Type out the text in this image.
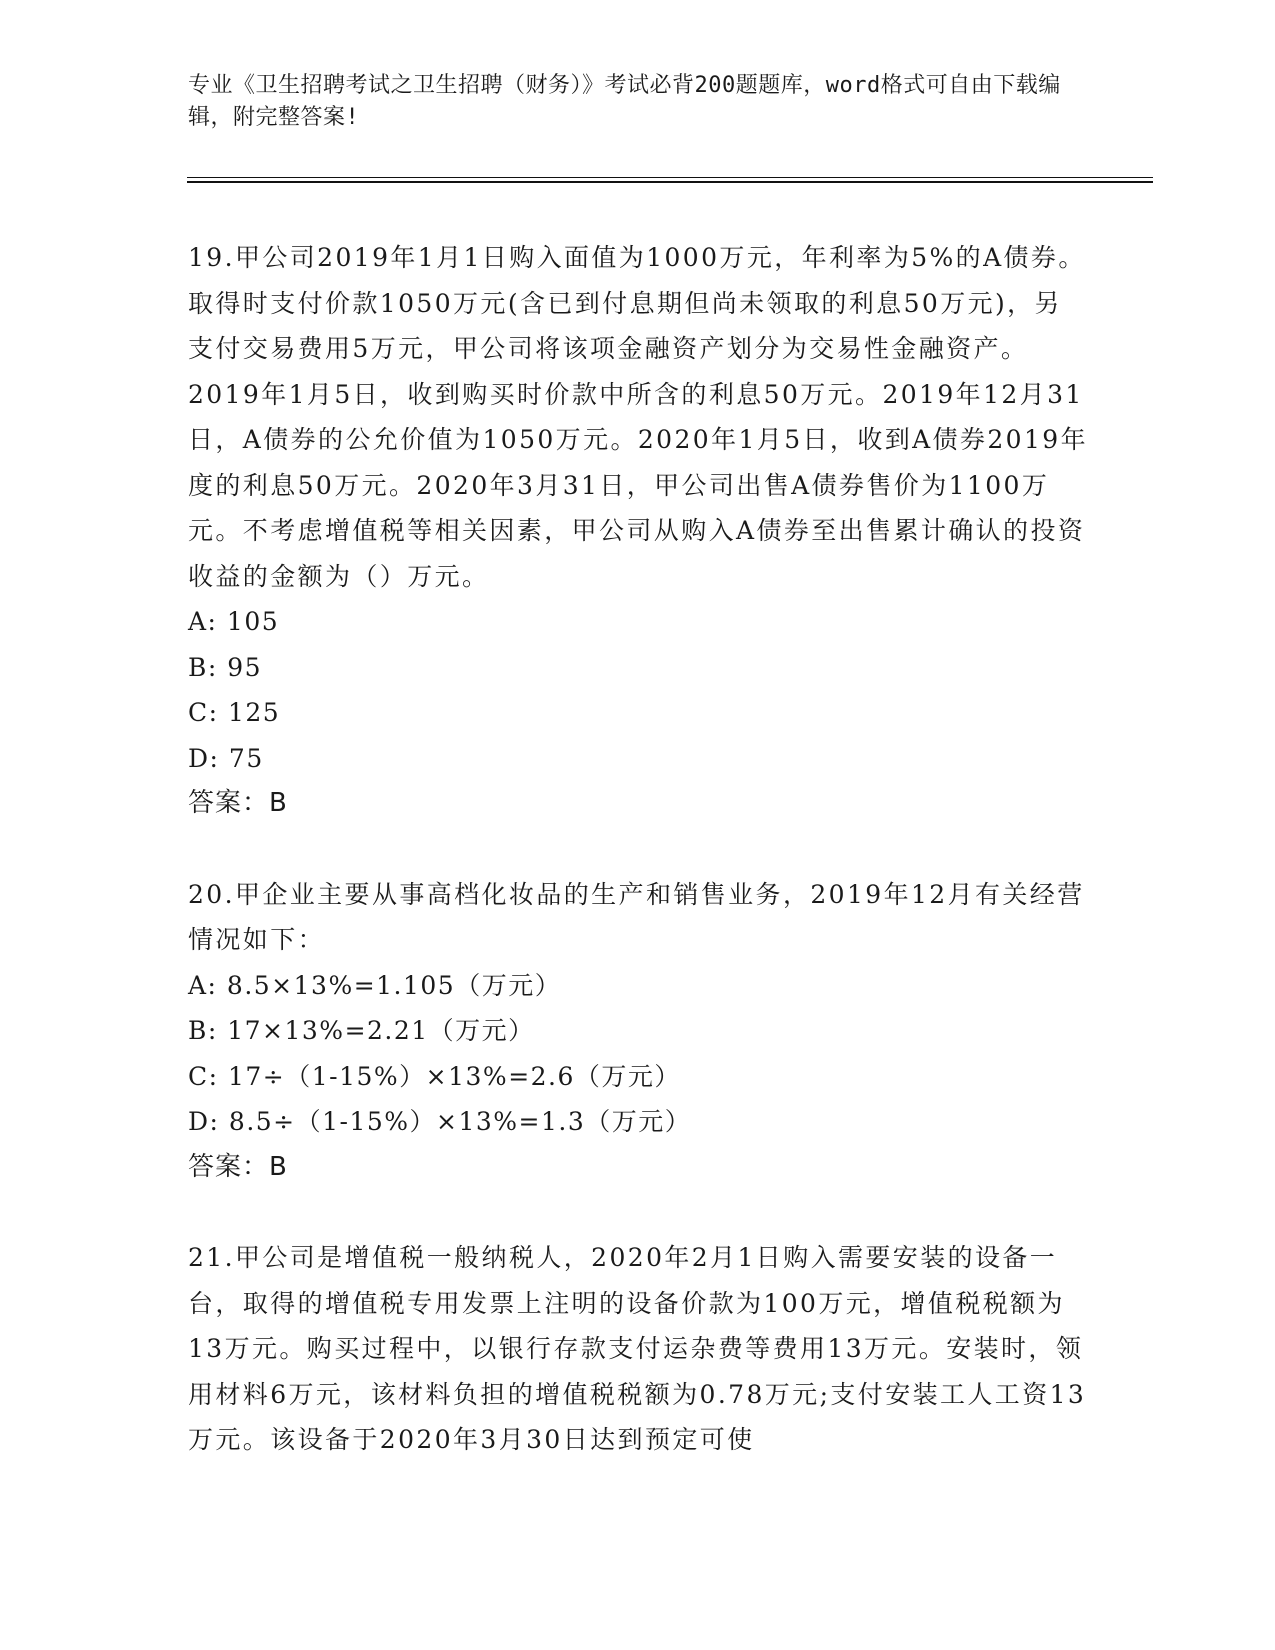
专业《卫生招聘考试之卫生招聘（财务）》考试必背200题题库，word格式可自由下载编辑，附完整答案!

19.甲公司2019年1月1日购入面值为1000万元，年利率为5%的A债券。取得时支付价款1050万元(含已到付息期但尚未领取的利息50万元)，另支付交易费用5万元，甲公司将该项金融资产划分为交易性金融资产。2019年1月5日，收到购买时价款中所含的利息50万元。2019年12月31日，A债券的公允价值为1050万元。2020年1月5日，收到A债券2019年度的利息50万元。2020年3月31日，甲公司出售A债券售价为1100万元。不考虑增值税等相关因素，甲公司从购入A债券至出售累计确认的投资收益的金额为（）万元。

A: 105

B: 95

C: 125

D: 75

答案：B

20.甲企业主要从事高档化妆品的生产和销售业务，2019年12月有关经营情况如下：

A: 8.5×13%=1.105（万元）

B: 17×13%=2.21（万元）

C: 17÷（1-15%）×13%=2.6（万元）

D: 8.5÷（1-15%）×13%=1.3（万元）

答案：B

21.甲公司是增值税一般纳税人，2020年2月1日购入需要安装的设备一台，取得的增值税专用发票上注明的设备价款为100万元，增值税税额为13万元。购买过程中，以银行存款支付运杂费等费用13万元。安装时，领用材料6万元，该材料负担的增值税税额为0.78万元;支付安装工人工资13万元。该设备于2020年3月30日达到预定可使
